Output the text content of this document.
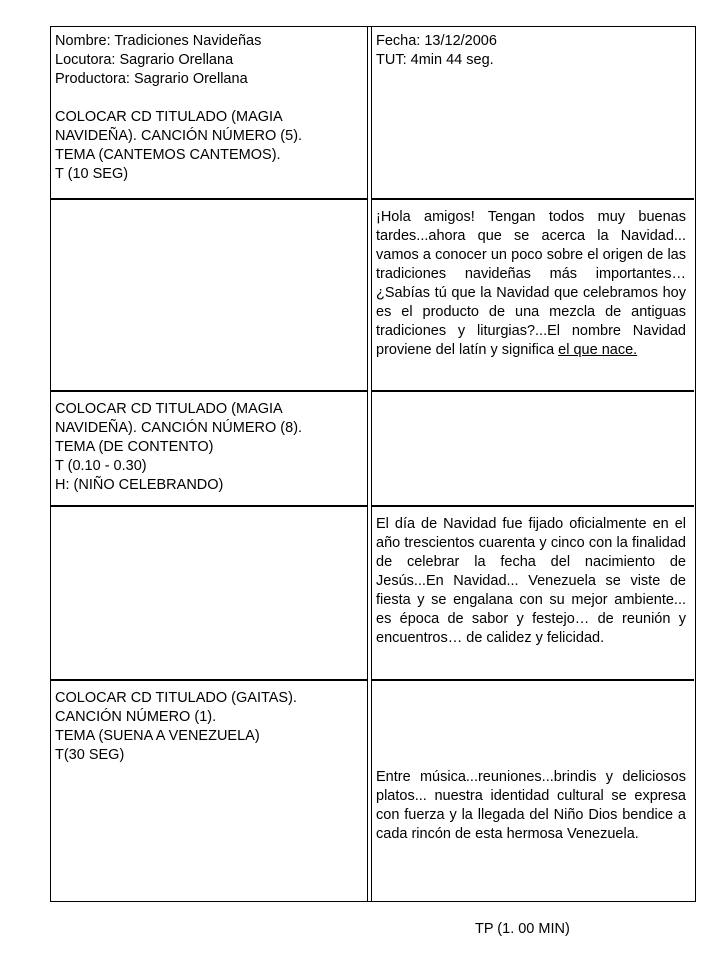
Nombre: Tradiciones Navideñas
Locutora: Sagrario Orellana
Productora: Sagrario Orellana
COLOCAR CD TITULADO (MAGIA
NAVIDEÑA). CANCIÓN NÚMERO (5).
TEMA (CANTEMOS CANTEMOS).
T (10 SEG)
Fecha: 13/12/2006
TUT: 4min 44 seg.

¡Hola amigos! Tengan todos muy buenas tardes...ahora que se acerca la Navidad... vamos a conocer un poco sobre el origen de las tradiciones navideñas más importantes…¿Sabías tú que la Navidad que celebramos hoy es el producto de una mezcla de antiguas tradiciones y liturgias?...El nombre Navidad proviene del latín y significa el que nace.

COLOCAR CD TITULADO (MAGIA
NAVIDEÑA). CANCIÓN NÚMERO (8).
TEMA (DE CONTENTO)
T (0.10 - 0.30)
H: (NIÑO CELEBRANDO)

El día de Navidad fue fijado oficialmente en el año trescientos cuarenta y cinco con la finalidad de celebrar la fecha del nacimiento de Jesús...En Navidad... Venezuela se viste de fiesta y se engalana con su mejor ambiente... es época de sabor y festejo… de reunión y encuentros… de calidez y felicidad.

COLOCAR CD TITULADO (GAITAS).
CANCIÓN NÚMERO (1).
TEMA (SUENA A VENEZUELA)
T(30 SEG)

Entre música...reuniones...brindis y deliciosos platos... nuestra identidad cultural se expresa con fuerza y la llegada del Niño Dios bendice a cada rincón de esta hermosa Venezuela.

TP (1. 00 MIN)
